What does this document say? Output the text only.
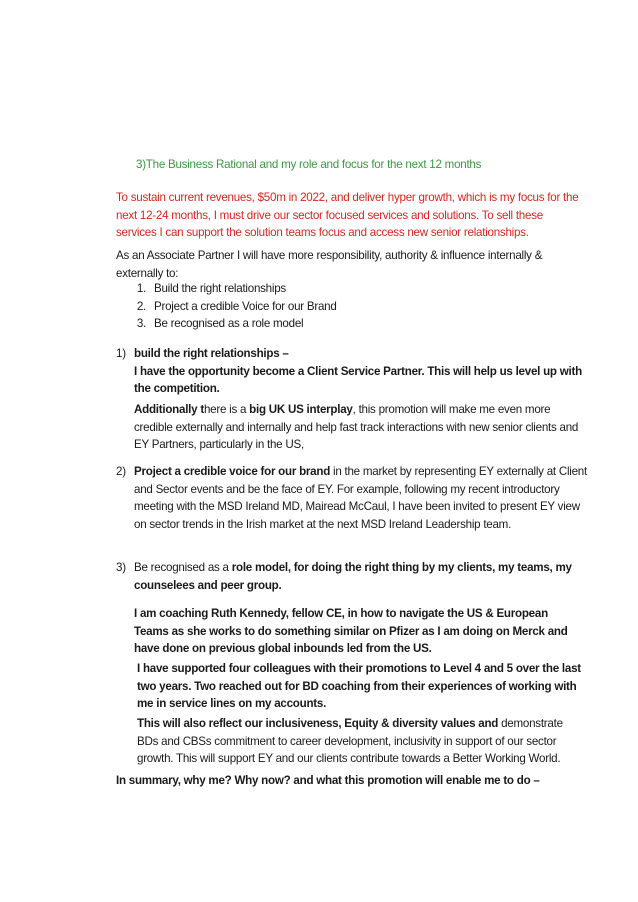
3)The Business Rational and my role and focus for the next 12 months
To sustain current revenues, $50m in 2022, and deliver hyper growth, which is my focus for the next 12-24 months, I must drive our sector focused services and solutions. To sell these services I can support the solution teams focus and access new senior relationships.
As an Associate Partner I will have more responsibility, authority & influence internally & externally to:
1. Build the right relationships
2. Project a credible Voice for our Brand
3. Be recognised as a role model
1) build the right relationships –
I have the opportunity become a Client Service Partner. This will help us level up with the competition.
Additionally there is a big UK US interplay, this promotion will make me even more credible externally and internally and help fast track interactions with new senior clients and EY Partners, particularly in the US,
2) Project a credible voice for our brand in the market by representing EY externally at Client and Sector events and be the face of EY. For example, following my recent introductory meeting with the MSD Ireland MD, Mairead McCaul, I have been invited to present EY view on sector trends in the Irish market at the next MSD Ireland Leadership team.
3) Be recognised as a role model, for doing the right thing by my clients, my teams, my counselees and peer group.
I am coaching Ruth Kennedy, fellow CE, in how to navigate the US & European Teams as she works to do something similar on Pfizer as I am doing on Merck and have done on previous global inbounds led from the US.
I have supported four colleagues with their promotions to Level 4 and 5 over the last two years. Two reached out for BD coaching from their experiences of working with me in service lines on my accounts.
This will also reflect our inclusiveness, Equity & diversity values and demonstrate BDs and CBSs commitment to career development, inclusivity in support of our sector growth. This will support EY and our clients contribute towards a Better Working World.
In summary, why me? Why now? and what this promotion will enable me to do –
